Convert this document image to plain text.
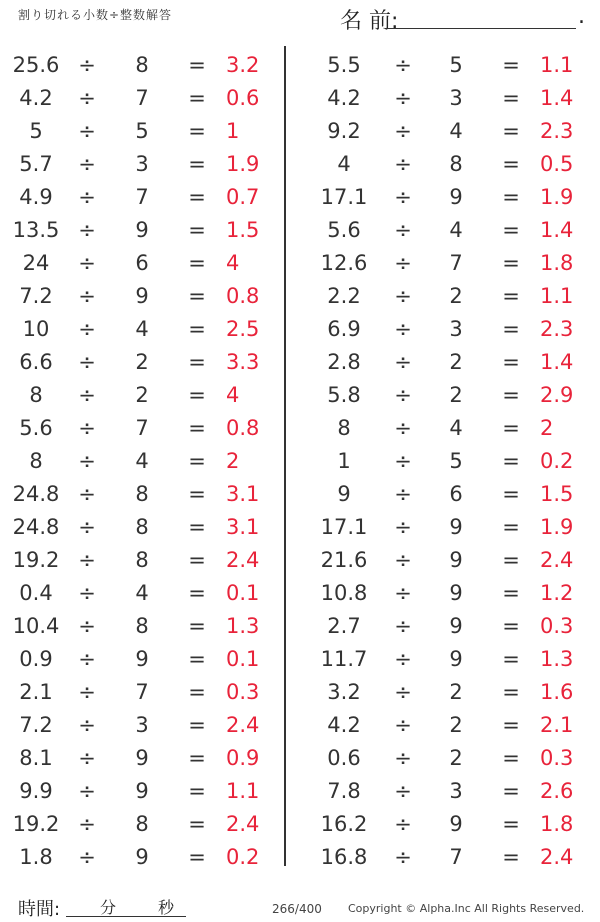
割り切れる小数÷整数解答	名 前:	.
25.6 ÷	8	= 3.2	5.5	÷	5	= 1.1
4.2	÷	7	= 0.6	4.2	÷	3	= 1.4
5	÷	5	= 1	9.2	÷	4	= 2.3
5.7	÷	3	= 1.9	4	÷	8	= 0.5
4.9	÷	7	= 0.7	17.1	÷	9	= 1.9
13.5 ÷	9	= 1.5	5.6	÷	4	= 1.4
24	÷	6	= 4	12.6	÷	7	= 1.8
7.2	÷	9	= 0.8	2.2	÷	2	= 1.1
10	÷	4	= 2.5	6.9	÷	3	= 2.3
6.6	÷	2	= 3.3	2.8	÷	2	= 1.4
8	÷	2	= 4	5.8	÷	2	= 2.9
5.6	÷	7	= 0.8	8	÷	4	= 2
8	÷	4	= 2	1	÷	5	= 0.2
24.8 ÷	8	= 3.1	9	÷	6	= 1.5
24.8 ÷	8	= 3.1	17.1	÷	9	= 1.9
19.2 ÷	8	= 2.4	21.6	÷	9	= 2.4
0.4	÷	4	= 0.1	10.8	÷	9	= 1.2
10.4 ÷	8	= 1.3	2.7	÷	9	= 0.3
0.9	÷	9	= 0.1	11.7	÷	9	= 1.3
2.1	÷	7	= 0.3	3.2	÷	2	= 1.6
7.2	÷	3	= 2.4	4.2	÷	2	= 2.1
8.1	÷	9	= 0.9	0.6	÷	2	= 0.3
9.9	÷	9	= 1.1	7.8	÷	3	= 2.6
19.2 ÷	8	= 2.4	16.2	÷	9	= 1.8
1.8	÷	9	= 0.2	16.8	÷	7	= 2.4
時間: 分	秒	266/400 Copyright © Alpha.Inc All Rights Reserved.
